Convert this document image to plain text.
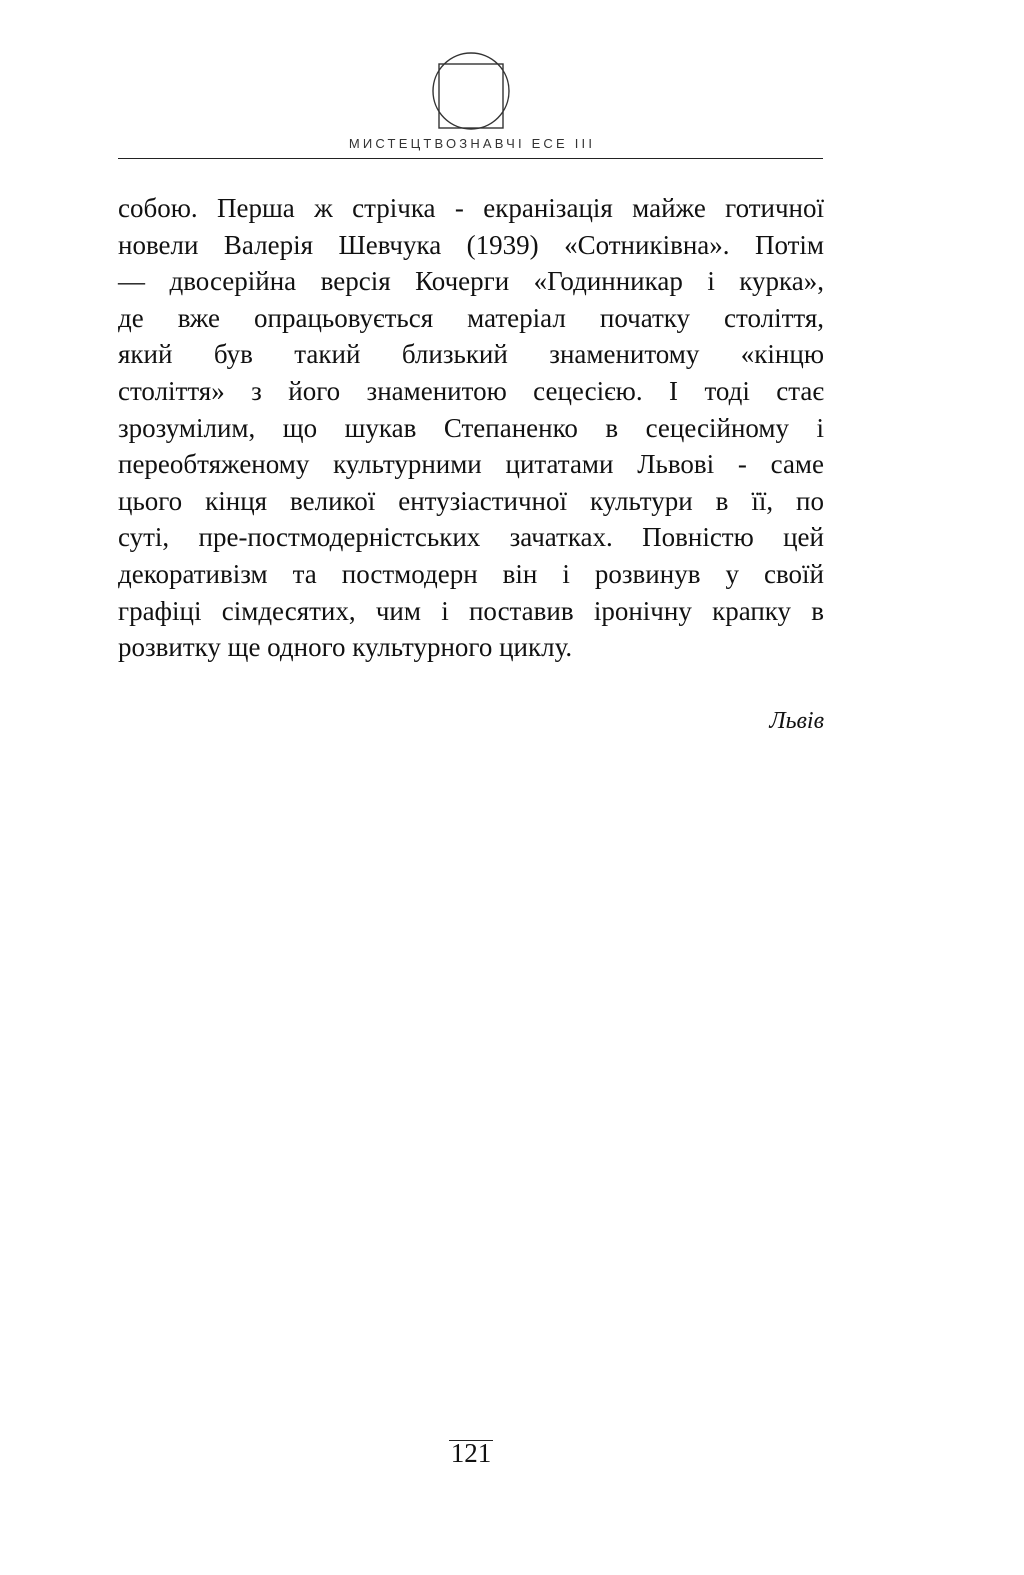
МИСТЕЦТВОЗНАВЧІ ЕСЕ III
собою. Перша ж стрічка - екранізація майже готичної
новели Валерія Шевчука (1939) «Сотниківна». Потім
— двосерійна версія Кочерги «Годинникар і курка»,
де вже опрацьовується матеріал початку століття,
який був такий близький знаменитому «кінцю
століття» з його знаменитою сецесією. І тоді стає
зрозумілим, що шукав Степаненко в сецесійному і
переобтяженому культурними цитатами Львові - саме
цього кінця великої ентузіастичної культури в її, по
суті, пре-постмодерністських зачатках. Повністю цей
декоративізм та постмодерн він і розвинув у своїй
графіці сімдесятих, чим і поставив іронічну крапку в
розвитку ще одного культурного циклу.
Львів
121
